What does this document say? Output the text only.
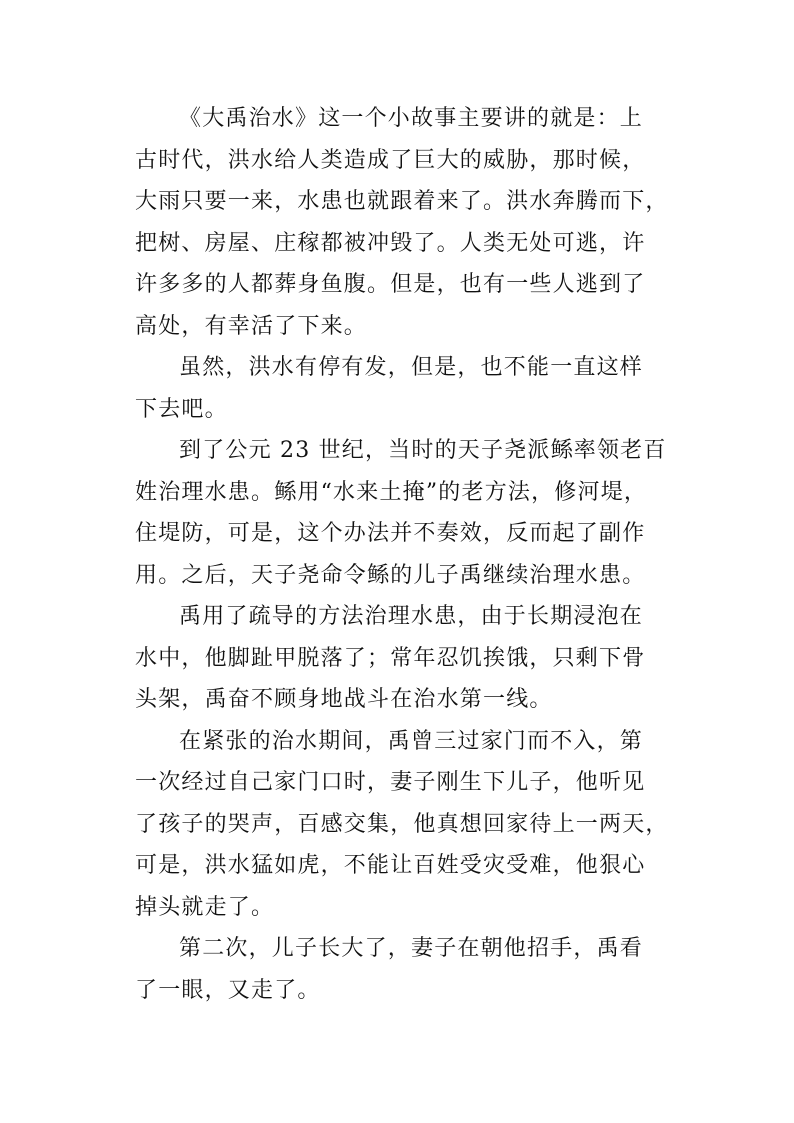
《大禹治水》这一个小故事主要讲的就是：上
古时代，洪水给人类造成了巨大的威胁，那时候，
大雨只要一来，水患也就跟着来了。洪水奔腾而下，
把树、房屋、庄稼都被冲毁了。人类无处可逃，许
许多多的人都葬身鱼腹。但是，也有一些人逃到了
高处，有幸活了下来。
虽然，洪水有停有发，但是，也不能一直这样
下去吧。
到了公元 23 世纪，当时的天子尧派鲧率领老百
姓治理水患。鲧用“水来土掩”的老方法，修河堤，
住堤防，可是，这个办法并不奏效，反而起了副作
用。之后，天子尧命令鲧的儿子禹继续治理水患。
禹用了疏导的方法治理水患，由于长期浸泡在
水中，他脚趾甲脱落了；常年忍饥挨饿，只剩下骨
头架，禹奋不顾身地战斗在治水第一线。
在紧张的治水期间，禹曾三过家门而不入，第
一次经过自己家门口时，妻子刚生下儿子，他听见
了孩子的哭声，百感交集，他真想回家待上一两天，
可是，洪水猛如虎，不能让百姓受灾受难，他狠心
掉头就走了。
第二次，儿子长大了，妻子在朝他招手，禹看
了一眼，又走了。
